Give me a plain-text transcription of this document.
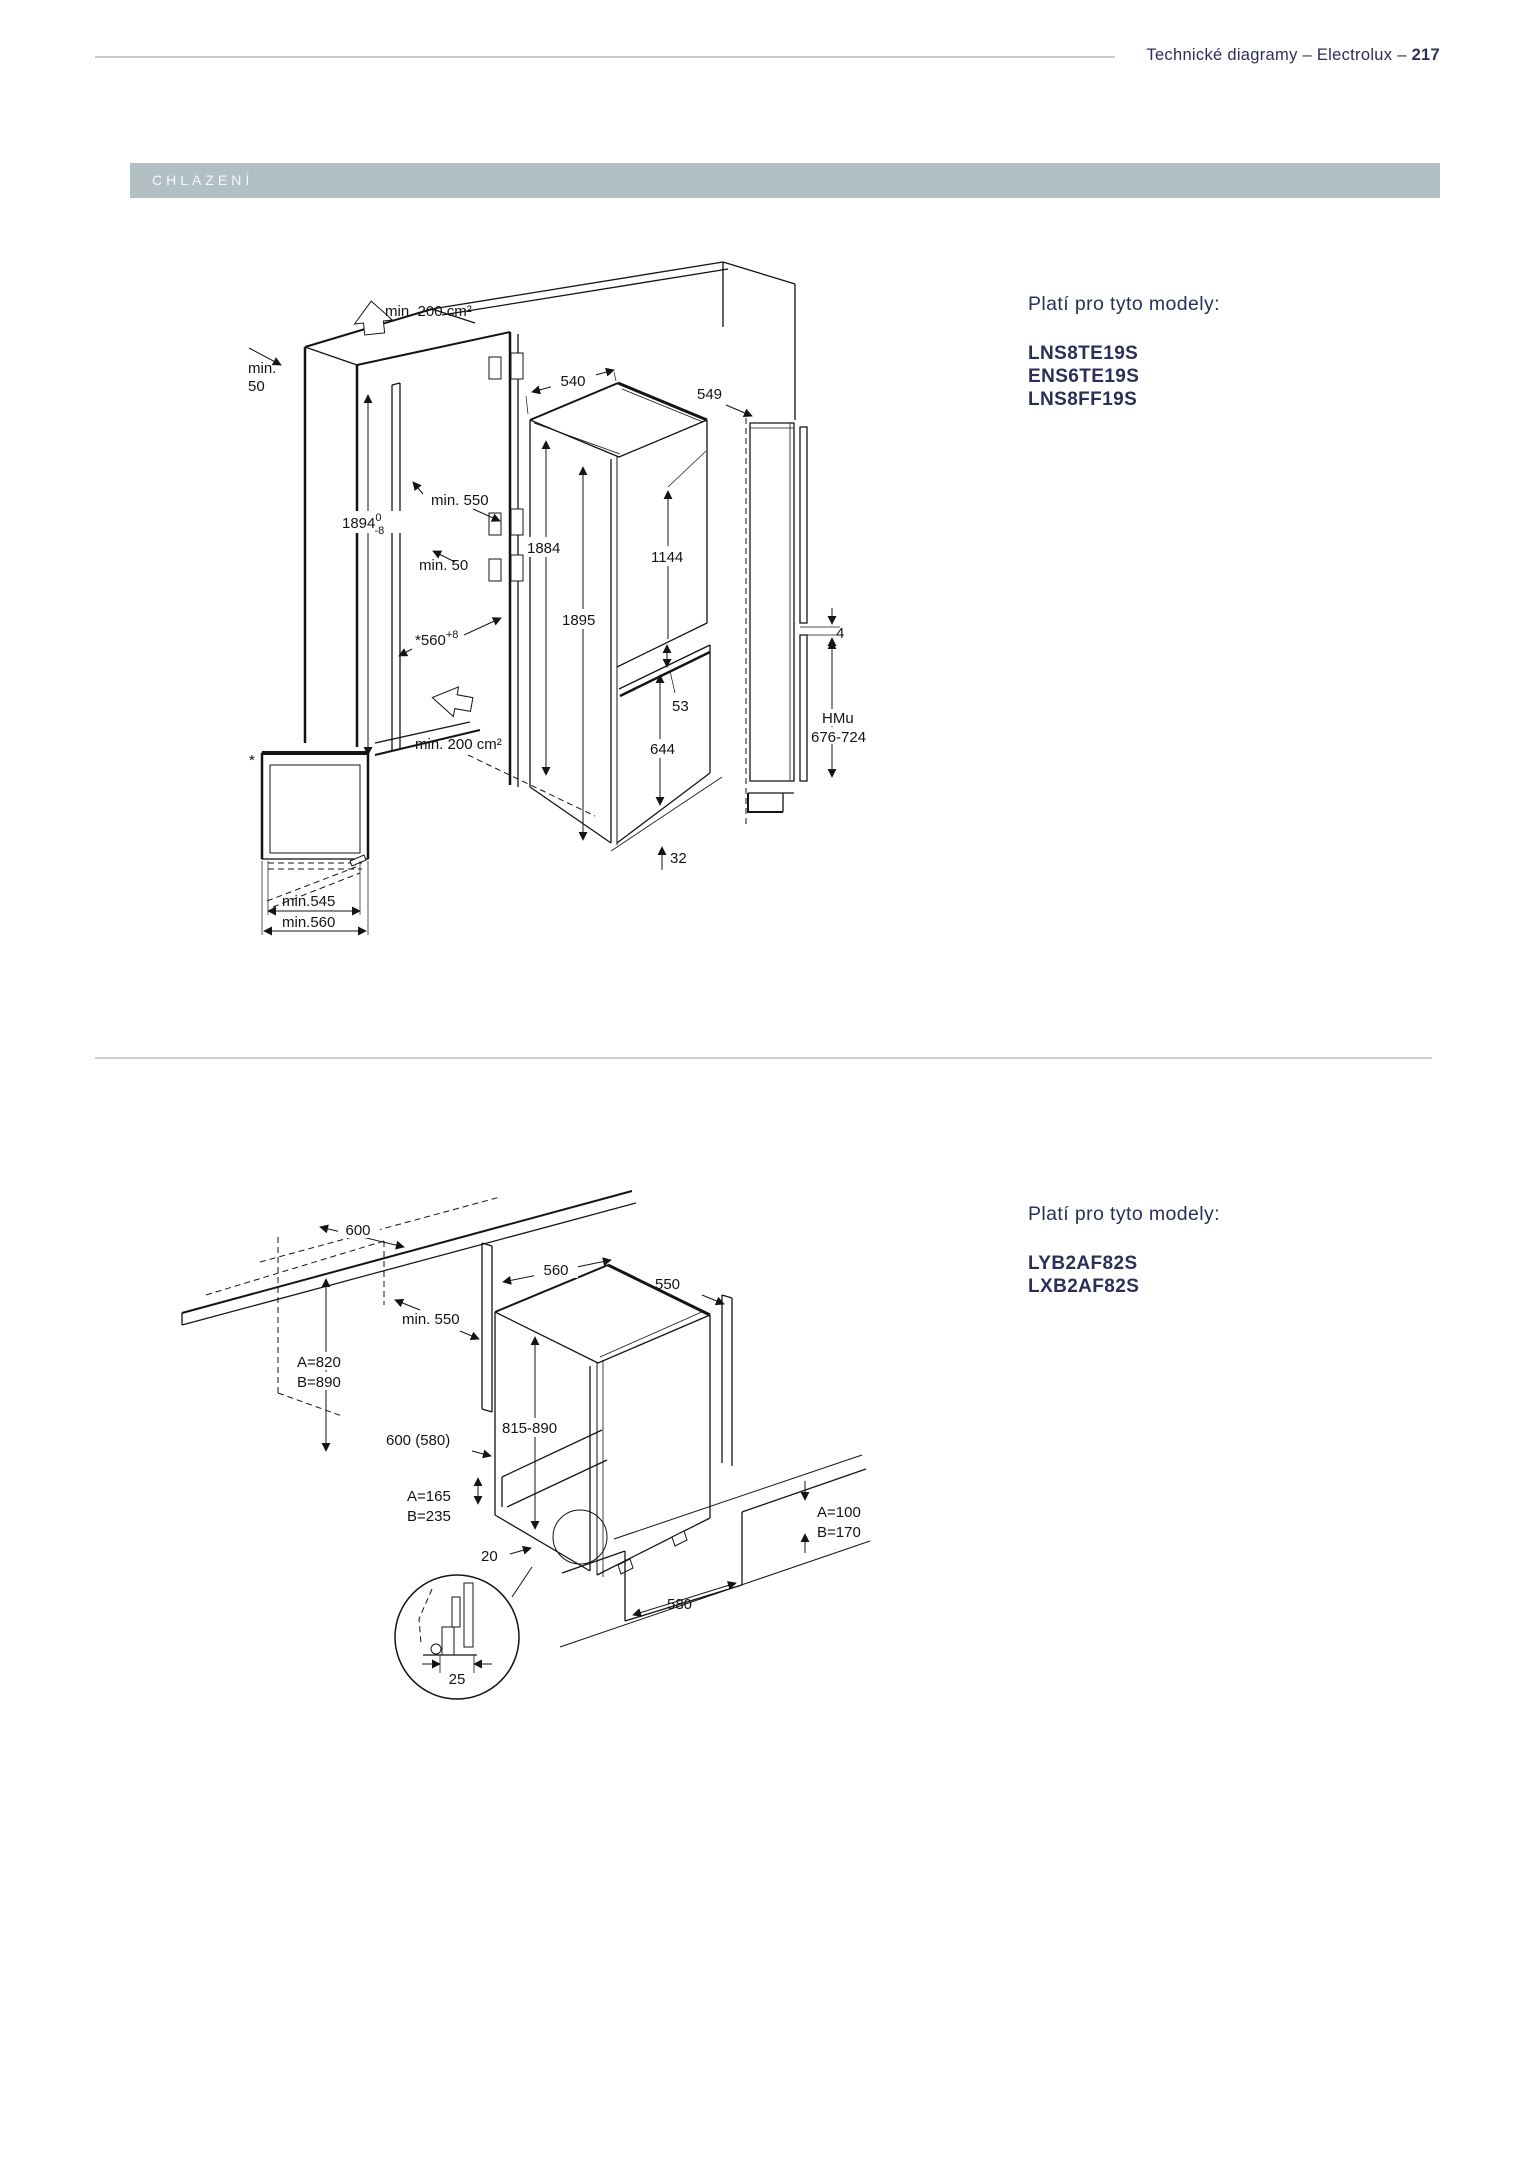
Technické diagramy – Electrolux – 217
CHLAZENÍ
min. 200 cm²
min.
50
1894$^0$ -8
min. 550
min. 50
$*560^{+8}$
540
549
1884
1144
1895
53
644
32
4
HMu
676-724
min. 200 cm²
*
min.545
min.560

Platí pro tyto modely:

LNS8TE19S
ENS6TE19S
LNS8FF19S
600
560
550
min. 550
A=820
B=890
600 (580)
815-890
A=165
B=235
20
25
A=100
B=170
580

Platí pro tyto modely:

LYB2AF82S
LXB2AF82S
